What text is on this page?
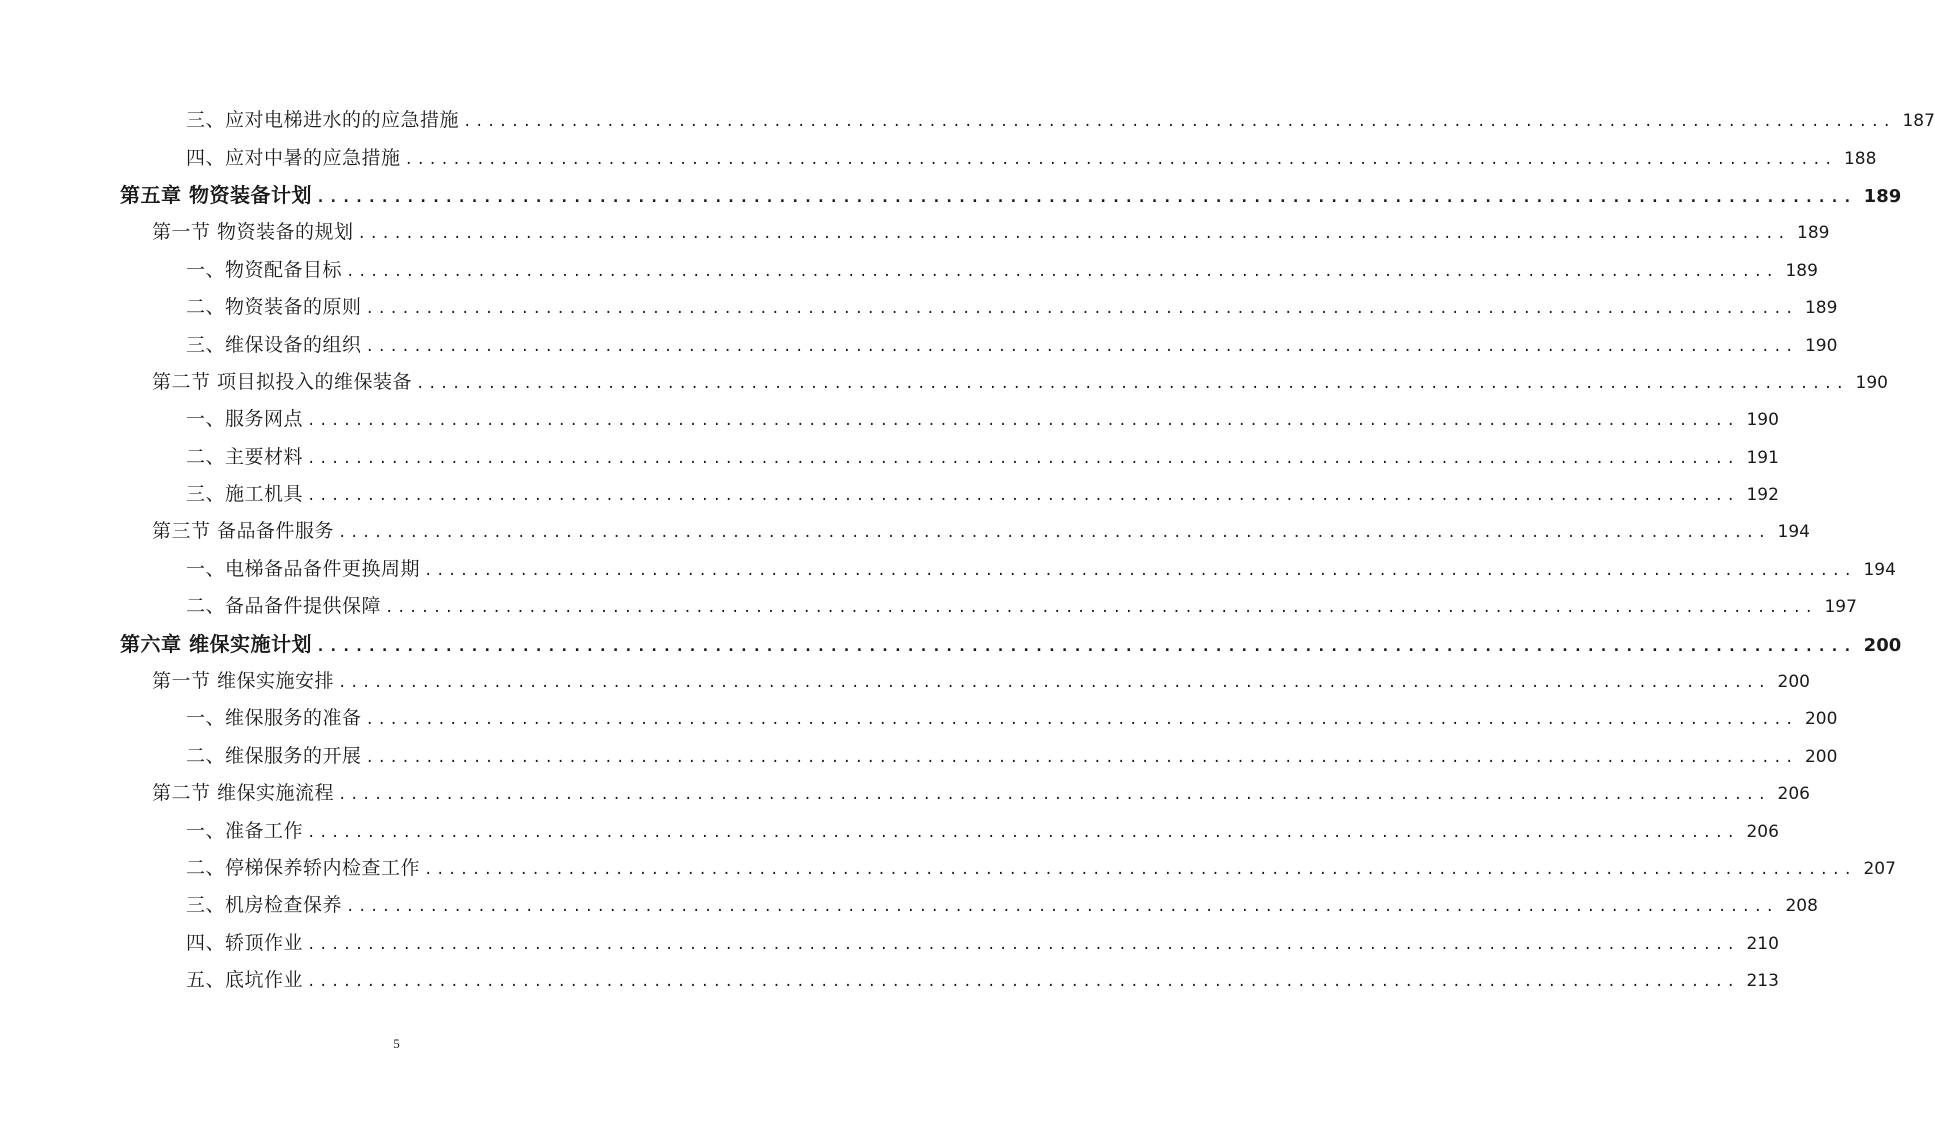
三、应对电梯进水的的应急措施 ........................................................................................................................ 187
四、应对中暑的应急措施 ........................................................................................................................ 188
第五章 物资装备计划 ........................................................................................................................ 189
第一节 物资装备的规划 ........................................................................................................................ 189
一、物资配备目标 ........................................................................................................................ 189
二、物资装备的原则 ........................................................................................................................ 189
三、维保设备的组织 ........................................................................................................................ 190
第二节 项目拟投入的维保装备 ........................................................................................................................ 190
一、服务网点 ........................................................................................................................ 190
二、主要材料 ........................................................................................................................ 191
三、施工机具 ........................................................................................................................ 192
第三节 备品备件服务 ........................................................................................................................ 194
一、电梯备品备件更换周期 ........................................................................................................................ 194
二、备品备件提供保障 ........................................................................................................................ 197
第六章 维保实施计划 ........................................................................................................................ 200
第一节 维保实施安排 ........................................................................................................................ 200
一、维保服务的准备 ........................................................................................................................ 200
二、维保服务的开展 ........................................................................................................................ 200
第二节 维保实施流程 ........................................................................................................................ 206
一、准备工作 ........................................................................................................................ 206
二、停梯保养轿内检查工作 ........................................................................................................................ 207
三、机房检查保养 ........................................................................................................................ 208
四、轿顶作业 ........................................................................................................................ 210
五、底坑作业 ........................................................................................................................ 213
5
